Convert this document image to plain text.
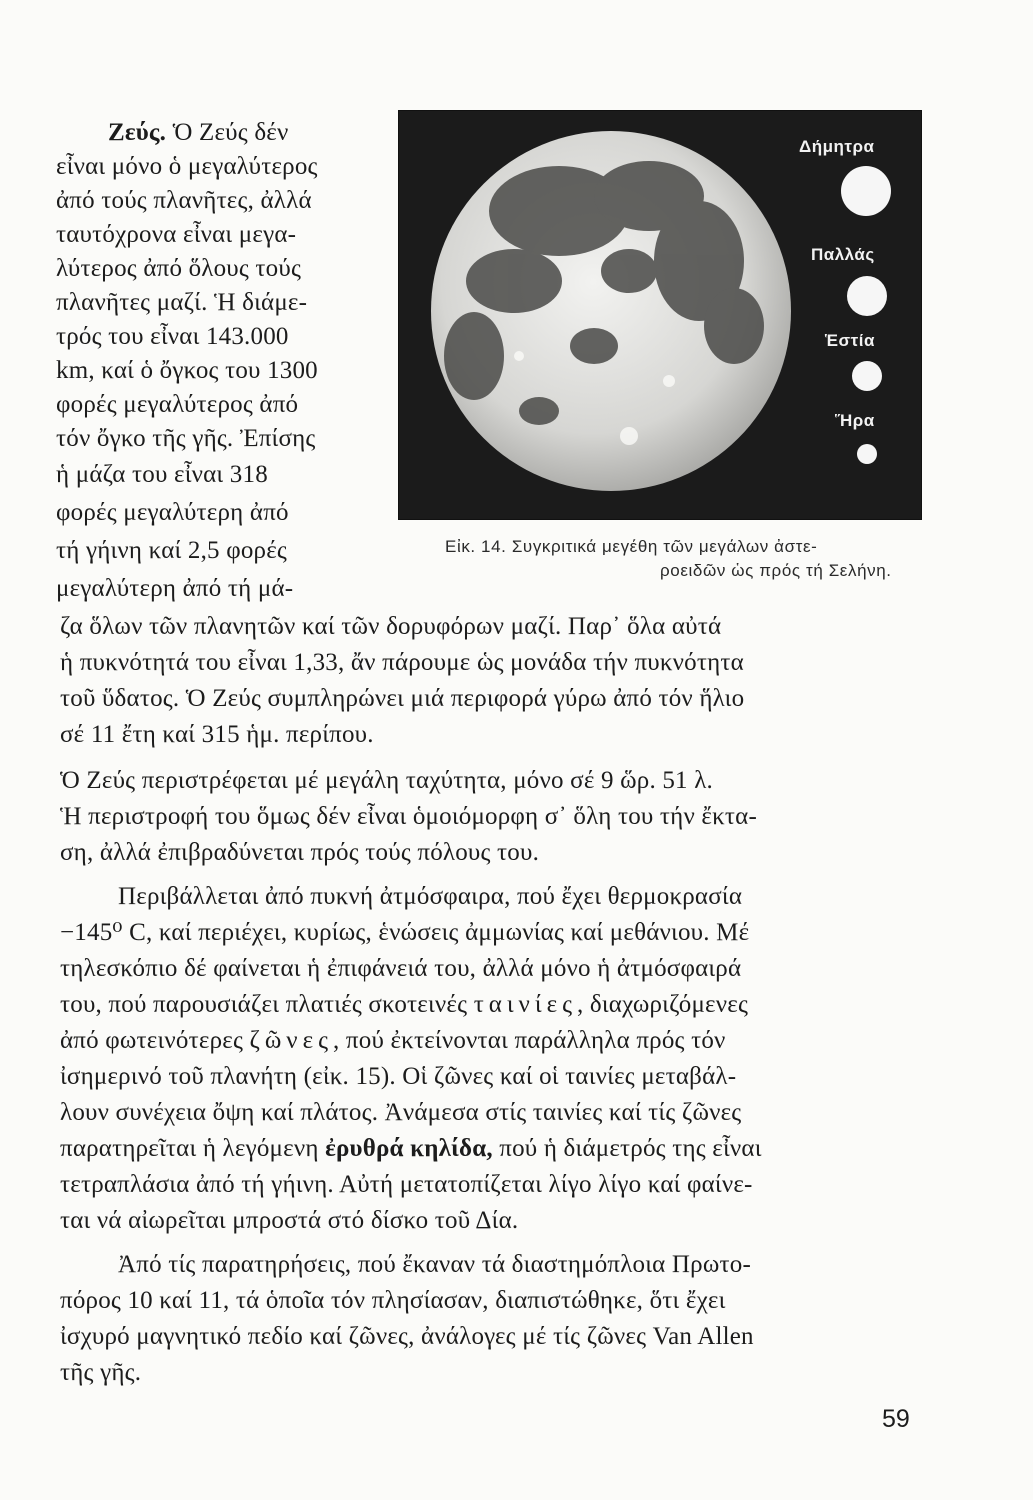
Ζεύς. Ὁ Ζεύς δέν

εἶναι μόνο ὁ μεγαλύτερος

ἀπό τούς πλανῆτες, ἀλλά

ταυτόχρονα εἶναι μεγα-

λύτερος ἀπό ὅλους τούς

πλανῆτες μαζί. Ἡ διάμε-

τρός του εἶναι 143.000

km, καί ὁ ὄγκος του 1300

φορές μεγαλύτερος ἀπό

τόν ὄγκο τῆς γῆς. Ἐπίσης

ἡ μάζα του εἶναι 318

φορές μεγαλύτερη ἀπό

τή γήινη καί 2,5 φορές

μεγαλύτερη ἀπό τή μά-

ζα ὅλων τῶν πλανητῶν καί τῶν δορυφόρων μαζί. Παρ᾽ ὅλα αὐτά

ἡ πυκνότητά του εἶναι 1,33, ἄν πάρουμε ὡς μονάδα τήν πυκνότητα

τοῦ ὕδατος. Ὁ Ζεύς συμπληρώνει μιά περιφορά γύρω ἀπό τόν ἥλιο

σέ 11 ἔτη καί 315 ἡμ. περίπου.

Ὁ Ζεύς περιστρέφεται μέ μεγάλη ταχύτητα, μόνο σέ 9 ὥρ. 51 λ.

Ἡ περιστροφή του ὅμως δέν εἶναι ὁμοιόμορφη σ᾽ ὅλη του τήν ἔκτα-

ση, ἀλλά ἐπιβραδύνεται πρός τούς πόλους του.

Περιβάλλεται ἀπό πυκνή ἀτμόσφαιρα, πού ἔχει θερμοκρασία

−145⁰ C, καί περιέχει, κυρίως, ἑνώσεις ἀμμωνίας καί μεθάνιου. Μέ

τηλεσκόπιο δέ φαίνεται ἡ ἐπιφάνειά του, ἀλλά μόνο ἡ ἀτμόσφαιρά

του, πού παρουσιάζει πλατιές σκοτεινές ταινίες, διαχωριζόμενες

ἀπό φωτεινότερες ζῶνες, πού ἐκτείνονται παράλληλα πρός τόν

ἰσημερινό τοῦ πλανήτη (εἰκ. 15). Οἱ ζῶνες καί οἱ ταινίες μεταβάλ-

λουν συνέχεια ὄψη καί πλάτος. Ἀνάμεσα στίς ταινίες καί τίς ζῶνες

παρατηρεῖται ἡ λεγόμενη ἐρυθρά κηλίδα, πού ἡ διάμετρός της εἶναι

τετραπλάσια ἀπό τή γήινη. Αὐτή μετατοπίζεται λίγο λίγο καί φαίνε-

ται νά αἰωρεῖται μπροστά στό δίσκο τοῦ Δία.

Ἀπό τίς παρατηρήσεις, πού ἔκαναν τά διαστημόπλοια Πρωτο-

πόρος 10 καί 11, τά ὁποῖα τόν πλησίασαν, διαπιστώθηκε, ὅτι ἔχει

ἰσχυρό μαγνητικό πεδίο καί ζῶνες, ἀνάλογες μέ τίς ζῶνες Van Allen

τῆς γῆς.

Δήμητρα
Παλλάς
Ἑστία
Ἥρα

Εἰκ. 14. Συγκριτικά μεγέθη τῶν μεγάλων ἀστε-

ροειδῶν ὡς πρός τή Σελήνη.

59
